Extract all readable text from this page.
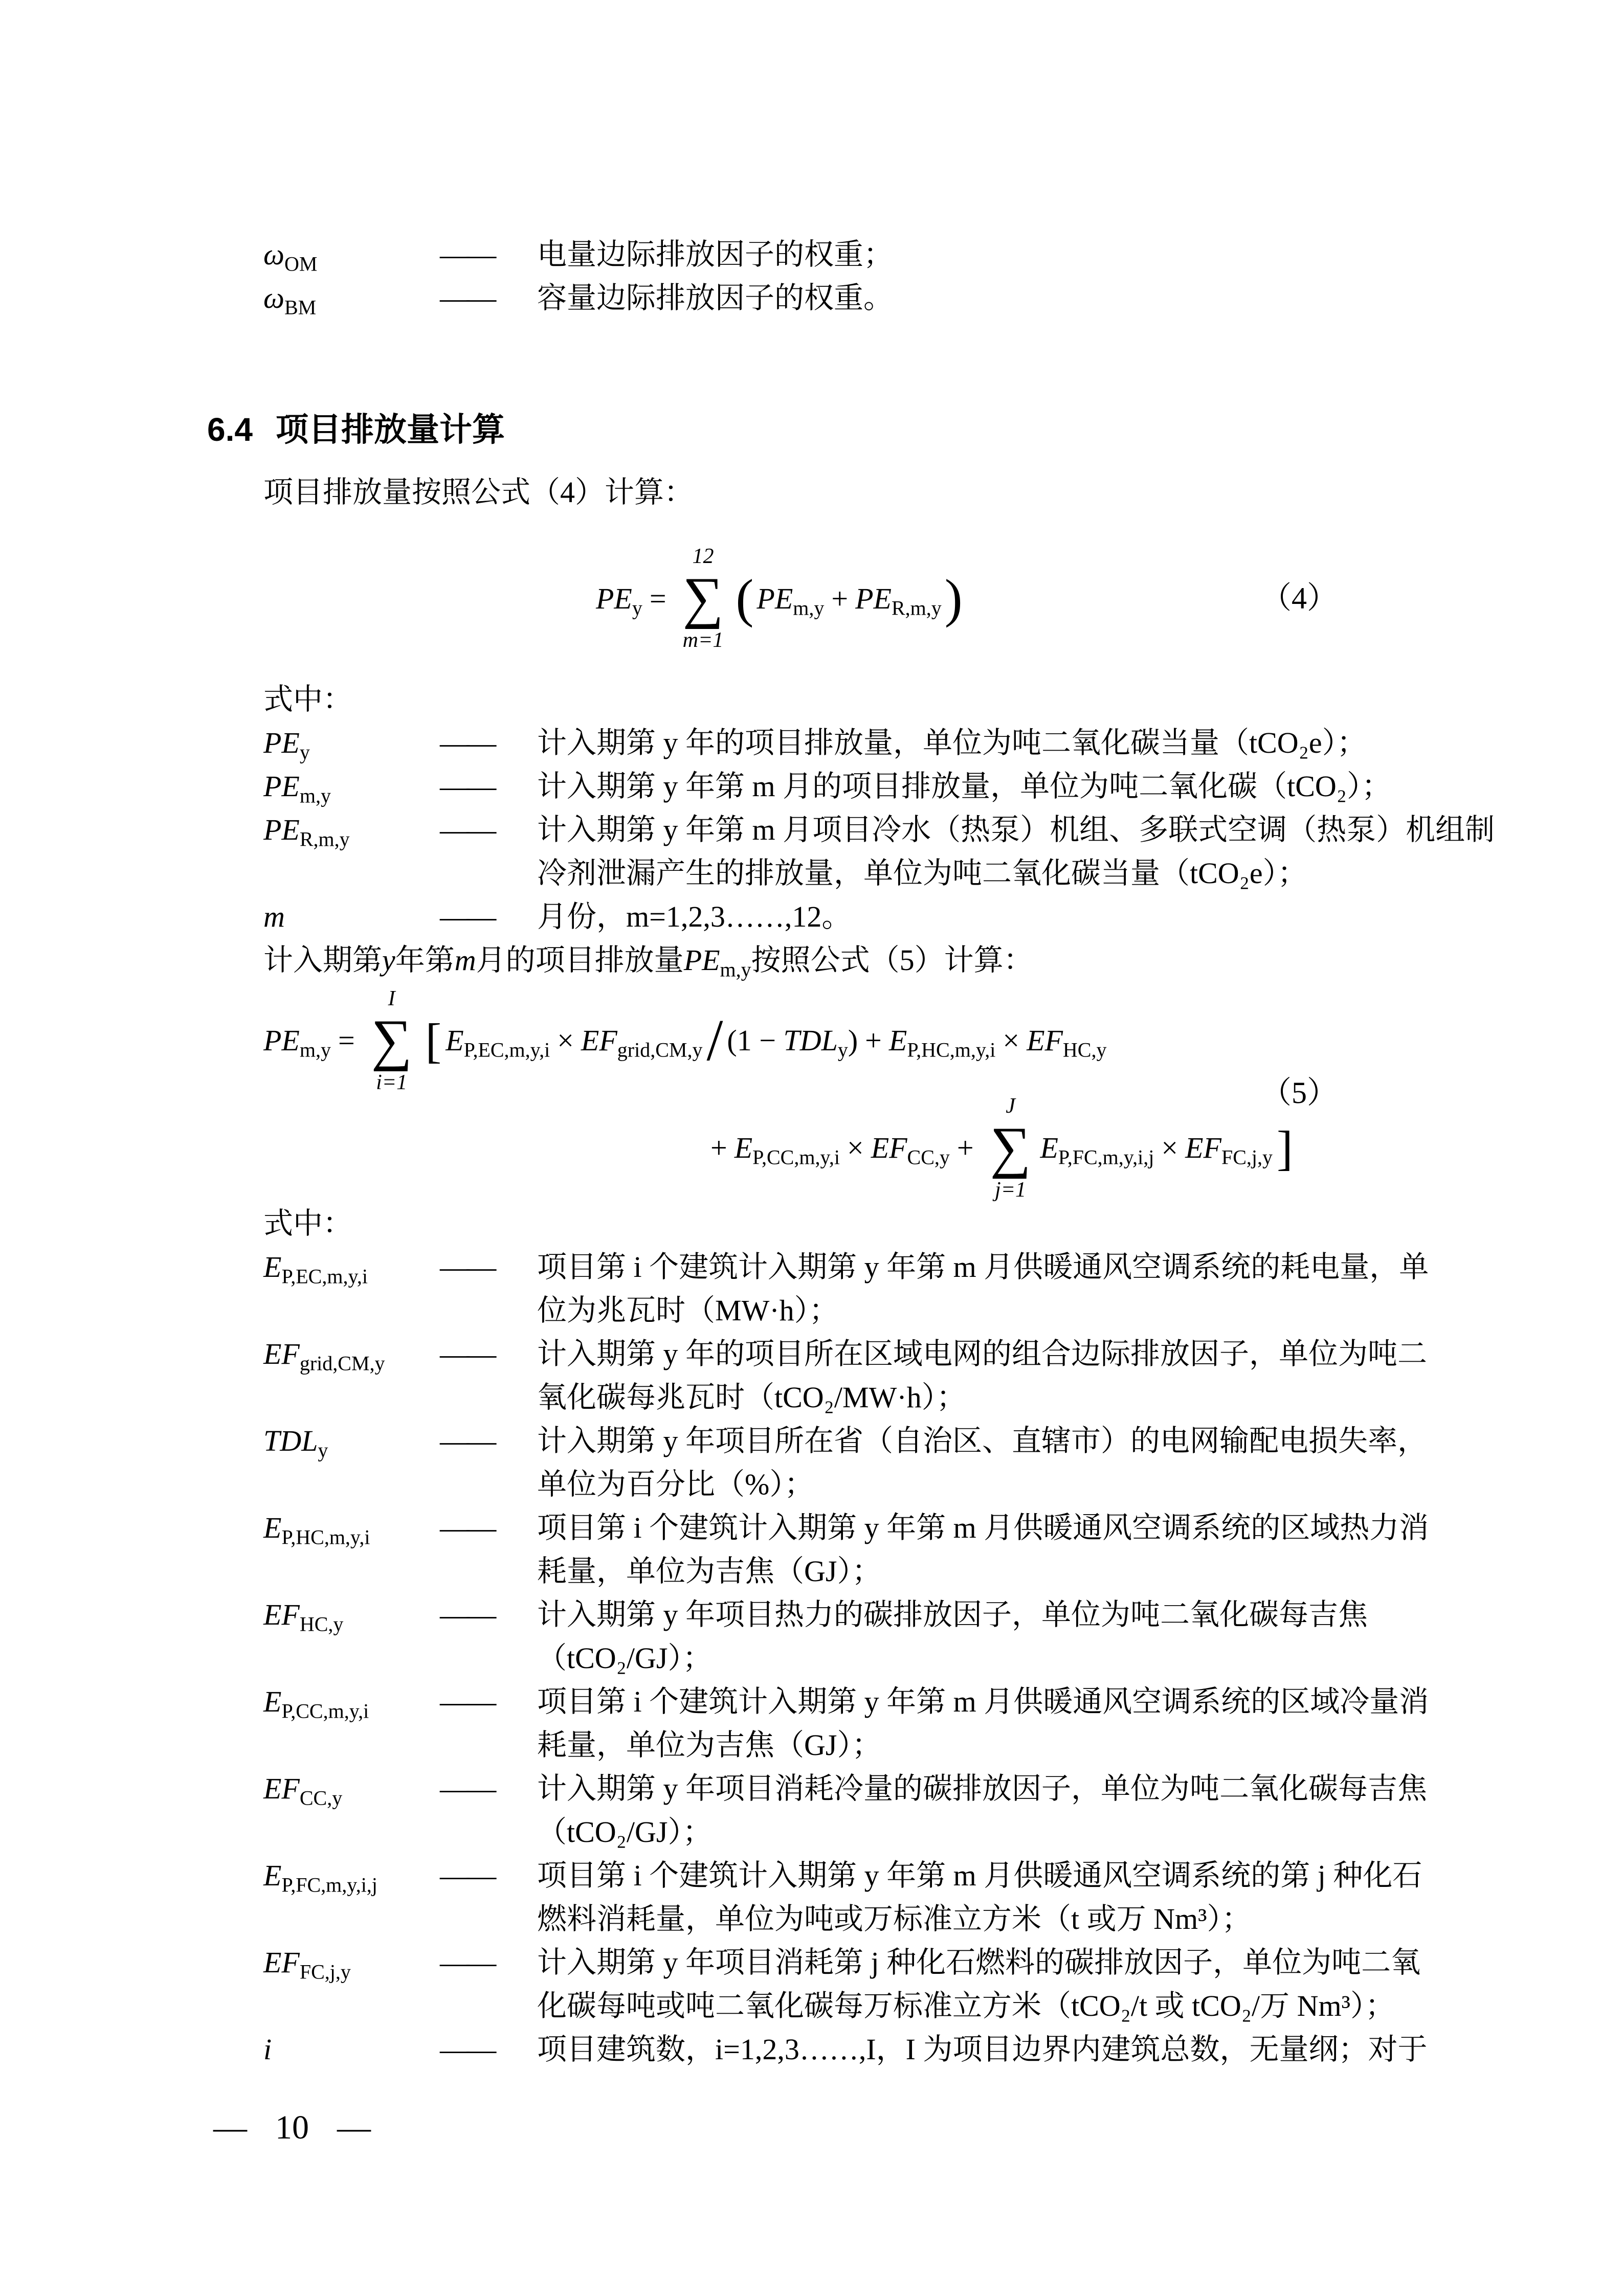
$\omega_{OM}$	——	电量边际排放因子的权重；
$\omega_{BM}$	——	容量边际排放因子的权重。
6.4 项目排放量计算
项目排放量按照公式（4）计算：
$PE_y$ =
12
∑
m=1
( $PE_{m,y} + PE_{R,m,y}$ )	（4）
式中：
$PE_y$	——	计入期第 y 年的项目排放量，单位为吨二氧化碳当量（tCO₂e）；
$PE_{m,y}$	——	计入期第 y 年第 m 月的项目排放量，单位为吨二氧化碳（tCO₂）；
$PE_{R,m,y}$	——	计入期第 y 年第 m 月项目冷水（热泵）机组、多联式空调（热泵）机组制
冷剂泄漏产生的排放量，单位为吨二氧化碳当量（tCO₂e）；
m	——	月份，m=1,2,3……,12。
计入期第y年第m月的项目排放量$PE_{m,y}$按照公式（5）计算：
$PE_{m,y}$ =
I
∑
i=1
[ $E_{P,EC,m,y,i} \times EF_{grid,CM,y} / (1 - TDL_y$ ) + $E_{P,HC,m,y,i} \times EF_{HC,y}$
+ $E_{P,CC,m,y,i} \times EF_{CC,y}$ +
J
∑
j=1
$E_{P,FC,m,y,i,j} \times EF_{FC,j,y}$ ]
（5）
式中：
$E_{P,EC,m,y,i}$	——	项目第 i 个建筑计入期第 y 年第 m 月供暖通风空调系统的耗电量，单
位为兆瓦时（MW·h）；
$EF_{grid,CM,y}$	——	计入期第 y 年的项目所在区域电网的组合边际排放因子，单位为吨二
氧化碳每兆瓦时（tCO₂/MW·h）；
$TDL_y$	——	计入期第 y 年项目所在省（自治区、直辖市）的电网输配电损失率，
单位为百分比（%）；
$E_{P,HC,m,y,i}$	——	项目第 i 个建筑计入期第 y 年第 m 月供暖通风空调系统的区域热力消
耗量，单位为吉焦（GJ）；
$EF_{HC,y}$	——	计入期第 y 年项目热力的碳排放因子，单位为吨二氧化碳每吉焦
（tCO₂/GJ）；
$E_{P,CC,m,y,i}$	——	项目第 i 个建筑计入期第 y 年第 m 月供暖通风空调系统的区域冷量消
耗量，单位为吉焦（GJ）；
$EF_{CC,y}$	——	计入期第 y 年项目消耗冷量的碳排放因子，单位为吨二氧化碳每吉焦
（tCO₂/GJ）；
$E_{P,FC,m,y,i,j}$	——	项目第 i 个建筑计入期第 y 年第 m 月供暖通风空调系统的第 j 种化石
燃料消耗量，单位为吨或万标准立方米（t 或万 Nm³）；
$EF_{FC,j,y}$	——	计入期第 y 年项目消耗第 j 种化石燃料的碳排放因子，单位为吨二氧
化碳每吨或吨二氧化碳每万标准立方米（tCO₂/t 或 tCO₂/万 Nm³）；
i	——	项目建筑数，i=1,2,3……,I，I 为项目边界内建筑总数，无量纲；对于
— 10 —
